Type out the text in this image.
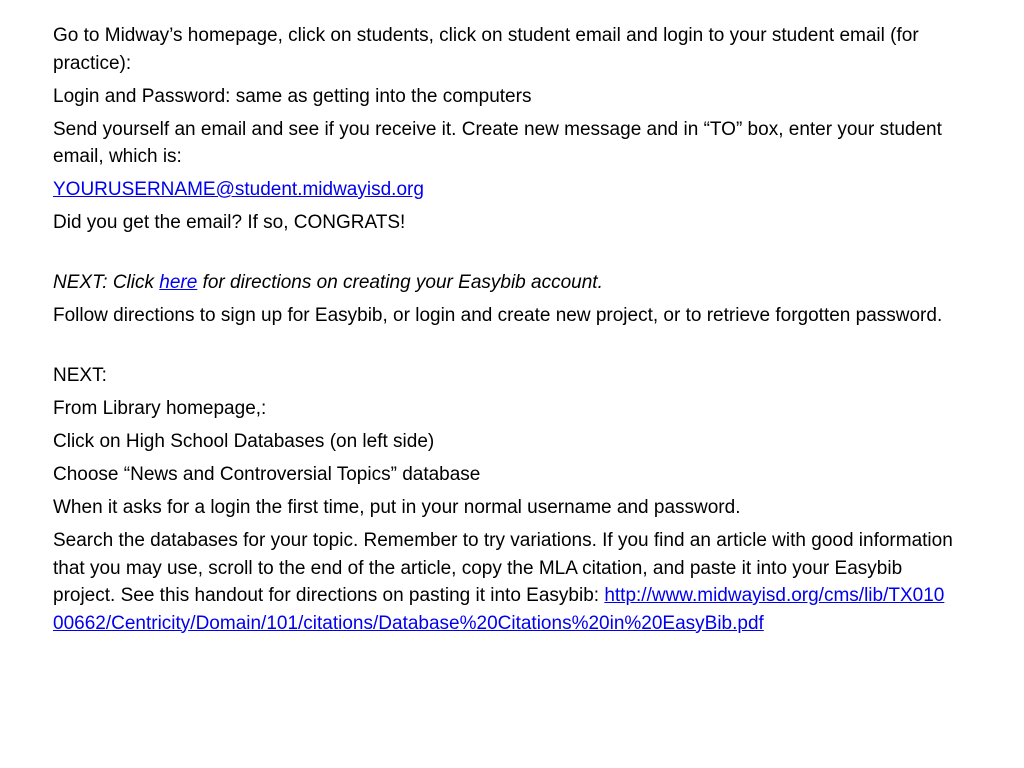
Go to Midway’s homepage, click on students, click on student email and login to your student email (for practice):

Login and Password: same as getting into the computers

Send yourself an email and see if you receive it. Create new message and in “TO” box, enter your student email, which is:

YOURUSERNAME@student.midwayisd.org

Did you get the email? If so, CONGRATS!

NEXT: Click here for directions on creating your Easybib account.

Follow directions to sign up for Easybib, or login and create new project, or to retrieve forgotten password.

NEXT:

From Library homepage,:

Click on High School Databases (on left side)

Choose “News and Controversial Topics” database

When it asks for a login the first time, put in your normal username and password.

Search the databases for your topic. Remember to try variations. If you find an article with good information that you may use, scroll to the end of the article, copy the MLA citation, and paste it into your Easybib project. See this handout for directions on pasting it into Easybib: http://www.midwayisd.org/cms/lib/TX01000662/Centricity/Domain/101/citations/Database%20Citations%20in%20EasyBib.pdf
